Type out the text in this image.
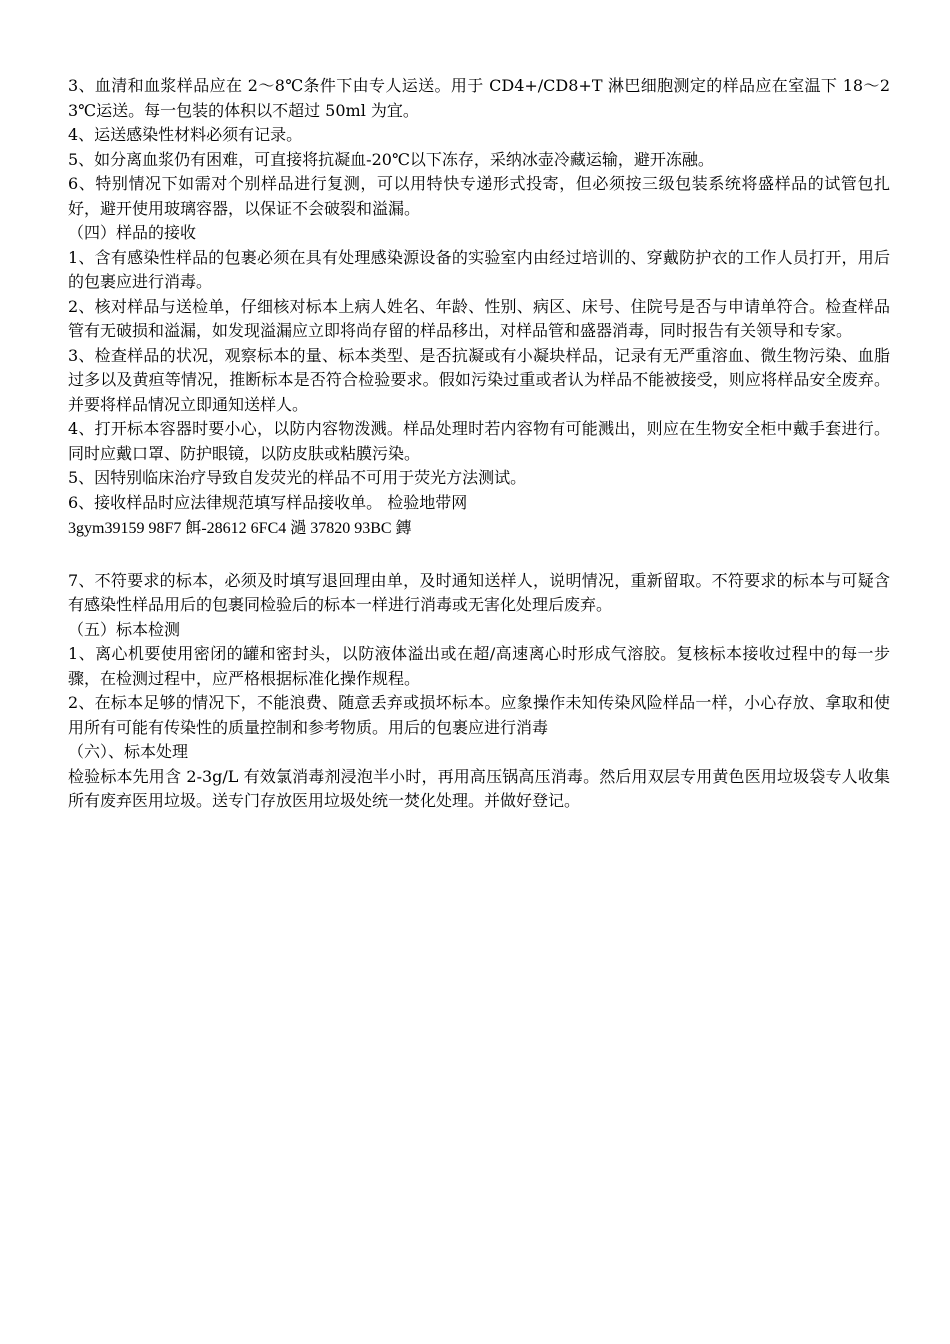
3、血清和血浆样品应在 2～8℃条件下由专人运送。用于 CD4+/CD8+T 淋巴细胞测定的样品应在室温下 18～23℃运送。每一包装的体积以不超过 50ml 为宜。

4、运送感染性材料必须有记录。

5、如分离血浆仍有困难，可直接将抗凝血-20℃以下冻存，采纳冰壶冷藏运输，避开冻融。

6、特别情况下如需对个别样品进行复测，可以用特快专递形式投寄，但必须按三级包装系统将盛样品的试管包扎好，避开使用玻璃容器，以保证不会破裂和溢漏。

（四）样品的接收

1、含有感染性样品的包裹必须在具有处理感染源设备的实验室内由经过培训的、穿戴防护衣的工作人员打开，用后的包裹应进行消毒。

2、核对样品与送检单，仔细核对标本上病人姓名、年龄、性别、病区、床号、住院号是否与申请单符合。检查样品管有无破损和溢漏，如发现溢漏应立即将尚存留的样品移出，对样品管和盛器消毒，同时报告有关领导和专家。

3、检查样品的状况，观察标本的量、标本类型、是否抗凝或有小凝块样品，记录有无严重溶血、微生物污染、血脂过多以及黄疸等情况，推断标本是否符合检验要求。假如污染过重或者认为样品不能被接受，则应将样品安全废弃。并要将样品情况立即通知送样人。

4、打开标本容器时要小心，以防内容物泼溅。样品处理时若内容物有可能溅出，则应在生物安全柜中戴手套进行。同时应戴口罩、防护眼镜，以防皮肤或粘膜污染。

5、因特别临床治疗导致自发荧光的样品不可用于荧光方法测试。

6、接收样品时应法律规范填写样品接收单。 检验地带网

3gym39159 98F7 餌-28612 6FC4 濄 37820 93BC 鏄

7、不符要求的标本，必须及时填写退回理由单，及时通知送样人，说明情况，重新留取。不符要求的标本与可疑含有感染性样品用后的包裹同检验后的标本一样进行消毒或无害化处理后废弃。

（五）标本检测

1、离心机要使用密闭的罐和密封头，以防液体溢出或在超/高速离心时形成气溶胶。复核标本接收过程中的每一步骤，在检测过程中，应严格根据标准化操作规程。

2、在标本足够的情况下，不能浪费、随意丢弃或损坏标本。应象操作未知传染风险样品一样，小心存放、拿取和使用所有可能有传染性的质量控制和参考物质。用后的包裹应进行消毒

（六）、标本处理

检验标本先用含 2-3g/L 有效氯消毒剂浸泡半小时，再用高压锅高压消毒。然后用双层专用黄色医用垃圾袋专人收集所有废弃医用垃圾。送专门存放医用垃圾处统一焚化处理。并做好登记。
